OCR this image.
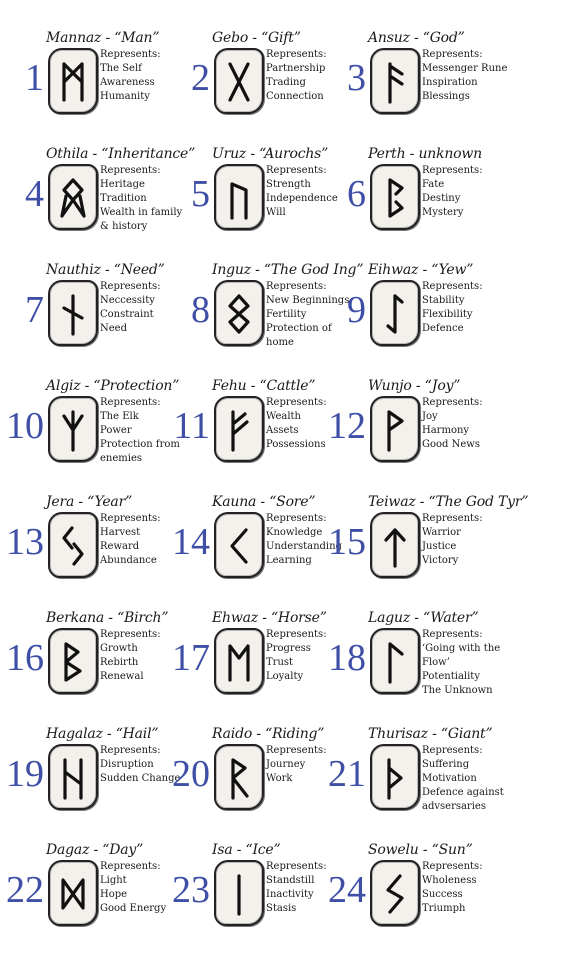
Mannaz - “Man”
1
Represents:
The Self
Awareness
Humanity
Gebo - “Gift”
2
Represents:
Partnership
Trading
Connection
Ansuz - “God”
3
Represents:
Messenger Rune
Inspiration
Blessings
Othila - “Inheritance”
4
Represents:
Heritage
Tradition
Wealth in family & history
Uruz - “Aurochs”
5
Represents:
Strength
Independence
Will
Perth - unknown
6
Represents:
Fate
Destiny
Mystery
Nauthiz - “Need”
7
Represents:
Neccessity
Constraint
Need
Inguz - “The God Ing”
8
Represents:
New Beginnings
Fertility
Protection of home
Eihwaz - “Yew”
9
Represents:
Stability
Flexibility
Defence
Algiz - “Protection”
10
Represents:
The Elk
Power
Protection from enemies
Fehu - “Cattle”
11
Represents:
Wealth
Assets
Possessions
Wunjo - “Joy”
12
Represents:
Joy
Harmony
Good News
Jera - “Year”
13
Represents:
Harvest
Reward
Abundance
Kauna - “Sore”
14
Represents:
Knowledge
Understanding
Learning
Teiwaz - “The God Tyr”
15
Represents:
Warrior
Justice
Victory
Berkana - “Birch”
16
Represents:
Growth
Rebirth
Renewal
Ehwaz - “Horse”
17
Represents:
Progress
Trust
Loyalty
Laguz - “Water”
18
Represents:
‘Going with the Flow’
Potentiality
The Unknown
Hagalaz - “Hail”
19
Represents:
Disruption
Sudden Change
Raido - “Riding”
20
Represents:
Journey
Work
Thurisaz - “Giant”
21
Represents:
Suffering
Motivation
Defence against advsersaries
Dagaz - “Day”
22
Represents:
Light
Hope
Good Energy
Isa - “Ice”
23
Represents:
Standstill
Inactivity
Stasis
Sowelu - “Sun”
24
Represents:
Wholeness
Success
Triumph
